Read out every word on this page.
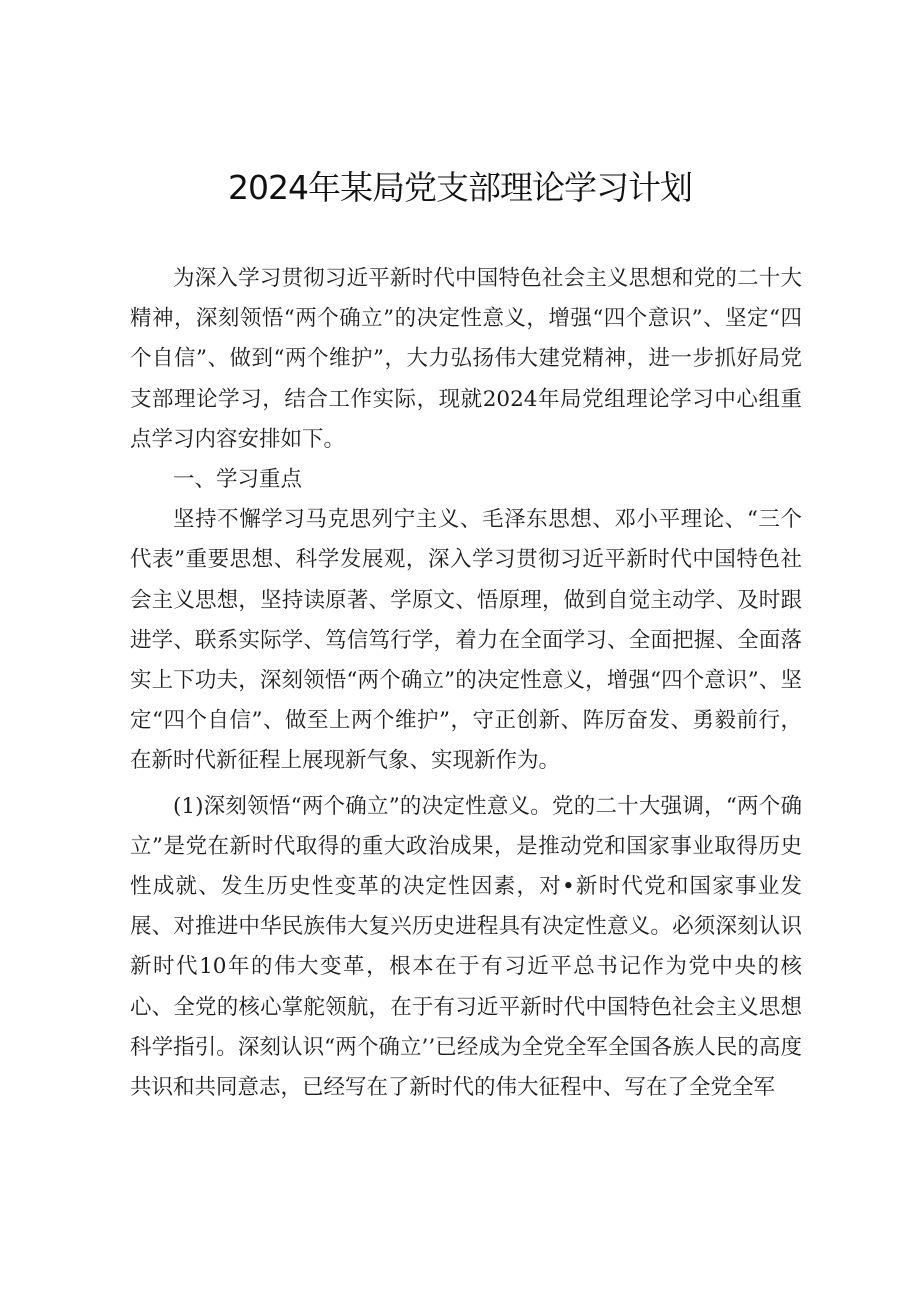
2024年某局党支部理论学习计划

为深入学习贯彻习近平新时代中国特色社会主义思想和党的二十大精神，深刻领悟“两个确立”的决定性意义，增强“四个意识”、坚定“四个自信”、做到“两个维护”，大力弘扬伟大建党精神，进一步抓好局党支部理论学习，结合工作实际，现就2024年局党组理论学习中心组重点学习内容安排如下。

一、学习重点

坚持不懈学习马克思列宁主义、毛泽东思想、邓小平理论、“三个代表”重要思想、科学发展观，深入学习贯彻习近平新时代中国特色社会主义思想，坚持读原著、学原文、悟原理，做到自觉主动学、及时跟进学、联系实际学、笃信笃行学，着力在全面学习、全面把握、全面落实上下功夫，深刻领悟“两个确立”的决定性意义，增强“四个意识”、坚定“四个自信”、做至上两个维护”，守正创新、阵厉奋发、勇毅前行，在新时代新征程上展现新气象、实现新作为。

(1)深刻领悟“两个确立”的决定性意义。党的二十大强调，“两个确立”是党在新时代取得的重大政治成果，是推动党和国家事业取得历史性成就、发生历史性变革的决定性因素，对•新时代党和国家事业发展、对推进中华民族伟大复兴历史进程具有决定性意义。必须深刻认识新时代10年的伟大变革，根本在于有习近平总书记作为党中央的核心、全党的核心掌舵领航，在于有习近平新时代中国特色社会主义思想科学指引。深刻认识“两个确立’’已经成为全党全军全国各族人民的高度共识和共同意志，已经写在了新时代的伟大征程中、写在了全党全军
